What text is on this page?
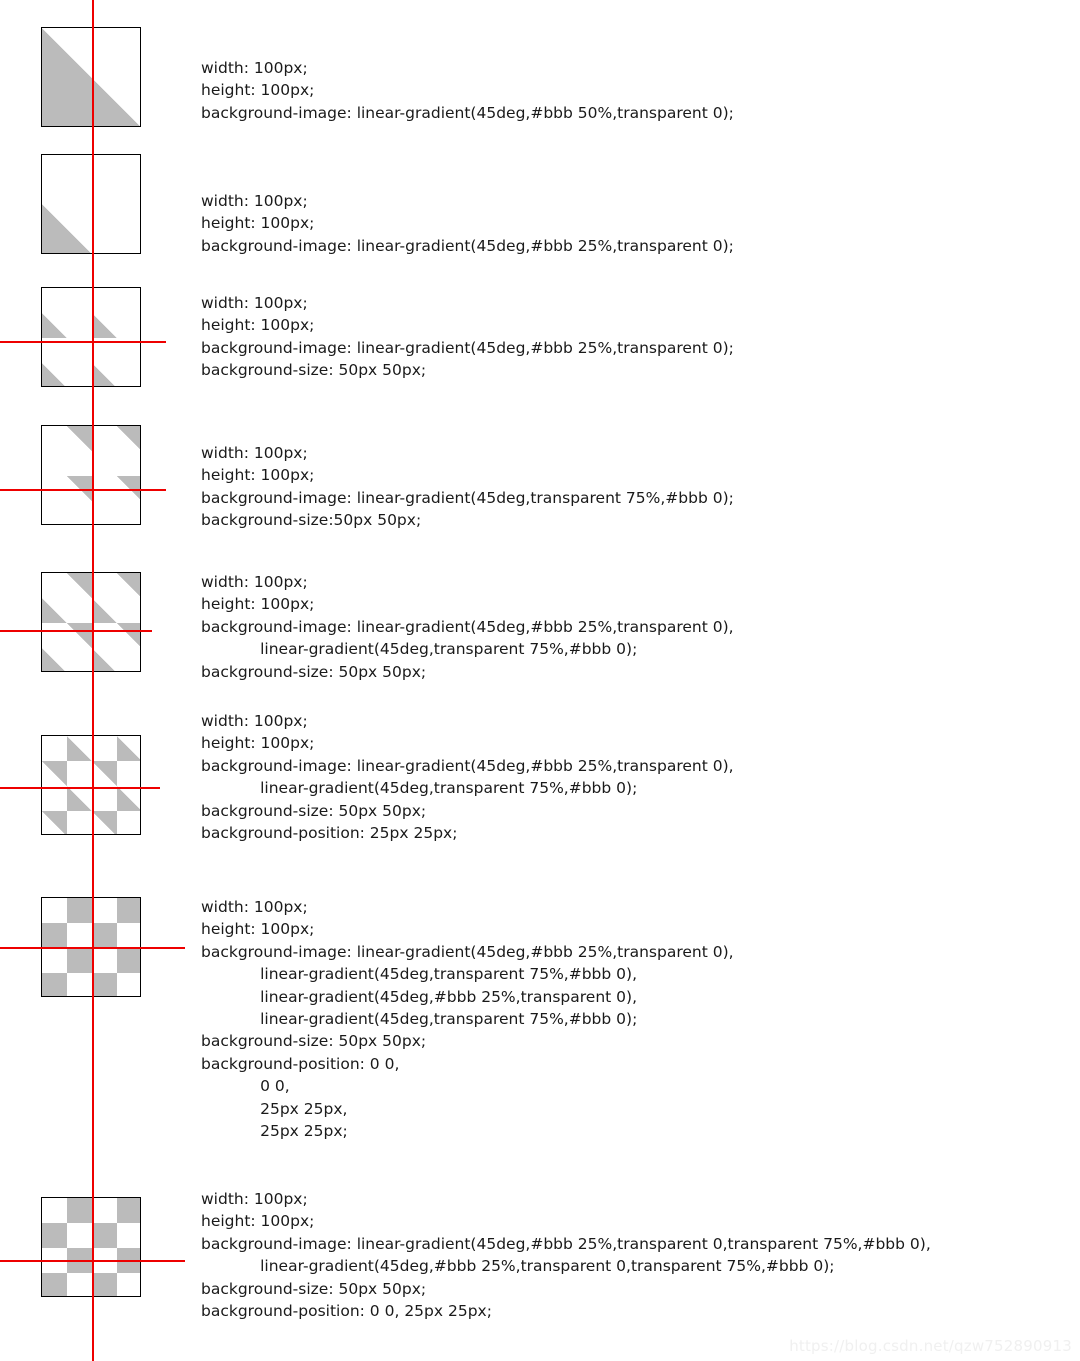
width: 100px;
height: 100px;
background-image: linear-gradient(45deg,#bbb 50%,transparent 0);
width: 100px;
height: 100px;
background-image: linear-gradient(45deg,#bbb 25%,transparent 0);
width: 100px;
height: 100px;
background-image: linear-gradient(45deg,#bbb 25%,transparent 0);
background-size: 50px 50px;
width: 100px;
height: 100px;
background-image: linear-gradient(45deg,transparent 75%,#bbb 0);
background-size:50px 50px;
width: 100px;
height: 100px;
background-image: linear-gradient(45deg,#bbb 25%,transparent 0),
linear-gradient(45deg,transparent 75%,#bbb 0);
background-size: 50px 50px;
width: 100px;
height: 100px;
background-image: linear-gradient(45deg,#bbb 25%,transparent 0),
linear-gradient(45deg,transparent 75%,#bbb 0);
background-size: 50px 50px;
background-position: 25px 25px;
width: 100px;
height: 100px;
background-image: linear-gradient(45deg,#bbb 25%,transparent 0),
linear-gradient(45deg,transparent 75%,#bbb 0),
linear-gradient(45deg,#bbb 25%,transparent 0),
linear-gradient(45deg,transparent 75%,#bbb 0);
background-size: 50px 50px;
background-position: 0 0,
0 0,
25px 25px,
25px 25px;
width: 100px;
height: 100px;
background-image: linear-gradient(45deg,#bbb 25%,transparent 0,transparent 75%,#bbb 0),
linear-gradient(45deg,#bbb 25%,transparent 0,transparent 75%,#bbb 0);
background-size: 50px 50px;
background-position: 0 0, 25px 25px;
https://blog.csdn.net/qzw752890913
